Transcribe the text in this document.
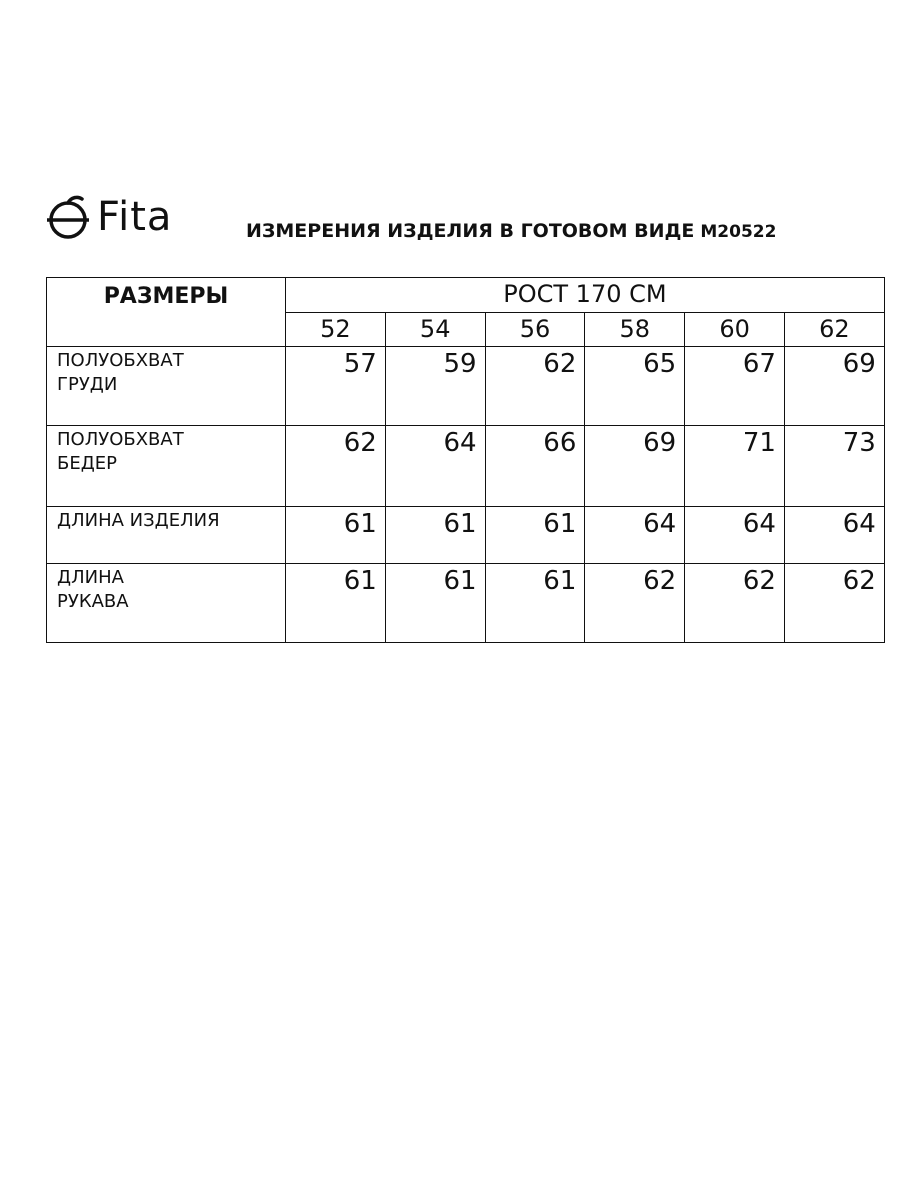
Fita	ИЗМЕРЕНИЯ ИЗДЕЛИЯ В ГОТОВОМ ВИДЕ М20522
РАЗМЕРЫ	РОСТ 170 СМ					
	52	54	56	58	60	62

ПОЛУОБХВАТ
ГРУДИ	57	59	62	65	67	69

ПОЛУОБХВАТ
БЕДЕР	62	64	66	69	71	73

ДЛИНА ИЗДЕЛИЯ	61	61	61	64	64	64

ДЛИНА
РУКАВА	61	61	61	62	62	62
